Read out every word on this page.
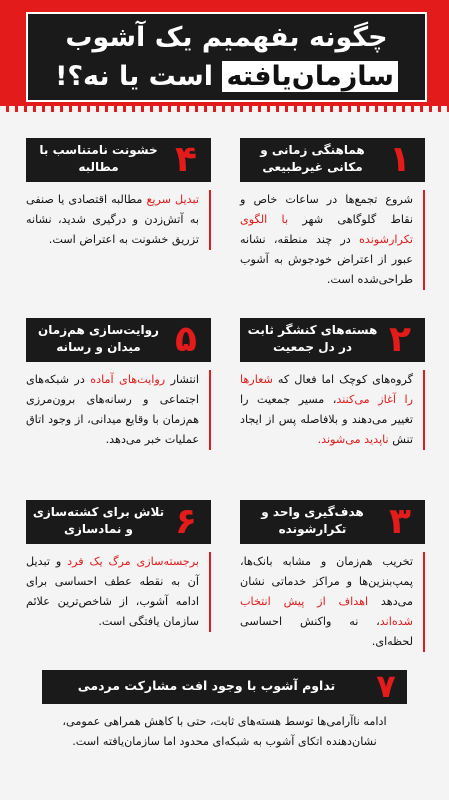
چگونه بفهمیم یک آشوب
سازمان‌یافته است یا نه؟!
۱
هماهنگی زمانی و مکانی غیرطبیعی
شروع تجمع‌ها در ساعات خاص و نقاط گلوگاهی شهر با الگوی تکرارشونده در چند منطقه، نشانه عبور از اعتراض خودجوش به آشوب طراحی‌شده است.
۲
هسته‌های کنشگر ثابت در دل جمعیت
گروه‌های کوچک اما فعال که شعارها را آغاز می‌کنند، مسیر جمعیت را تغییر می‌دهند و بلافاصله پس از ایجاد تنش ناپدید می‌شوند.
۳
هدف‌گیری واحد و تکرارشونده
تخریب هم‌زمان و مشابه بانک‌ها، پمپ‌بنزین‌ها و مراکز خدماتی نشان می‌دهد اهداف از پیش انتخاب شده‌اند، نه واکنش احساسی لحظه‌ای.
۴
خشونت نامتناسب با مطالبه
تبدیل سریع مطالبه اقتصادی یا صنفی به آتش‌زدن و درگیری شدید، نشانه تزریق خشونت به اعتراض است.
۵
روایت‌سازی هم‌زمان میدان و رسانه
انتشار روایت‌های آماده در شبکه‌های اجتماعی و رسانه‌های برون‌مرزی هم‌زمان با وقایع میدانی، از وجود اتاق عملیات خبر می‌دهد.
۶
تلاش برای کشته‌سازی و نمادسازی
برجسته‌سازی مرگ یک فرد و تبدیل آن به نقطه عطف احساسی برای ادامه آشوب، از شاخص‌ترین علائم سازمان یافتگی است.
۷
تداوم آشوب با وجود افت مشارکت مردمی
ادامه ناآرامی‌ها توسط هسته‌های ثابت، حتی با کاهش همراهی عمومی، نشان‌دهنده اتکای آشوب به شبکه‌ای محدود اما سازمان‌یافته است.
